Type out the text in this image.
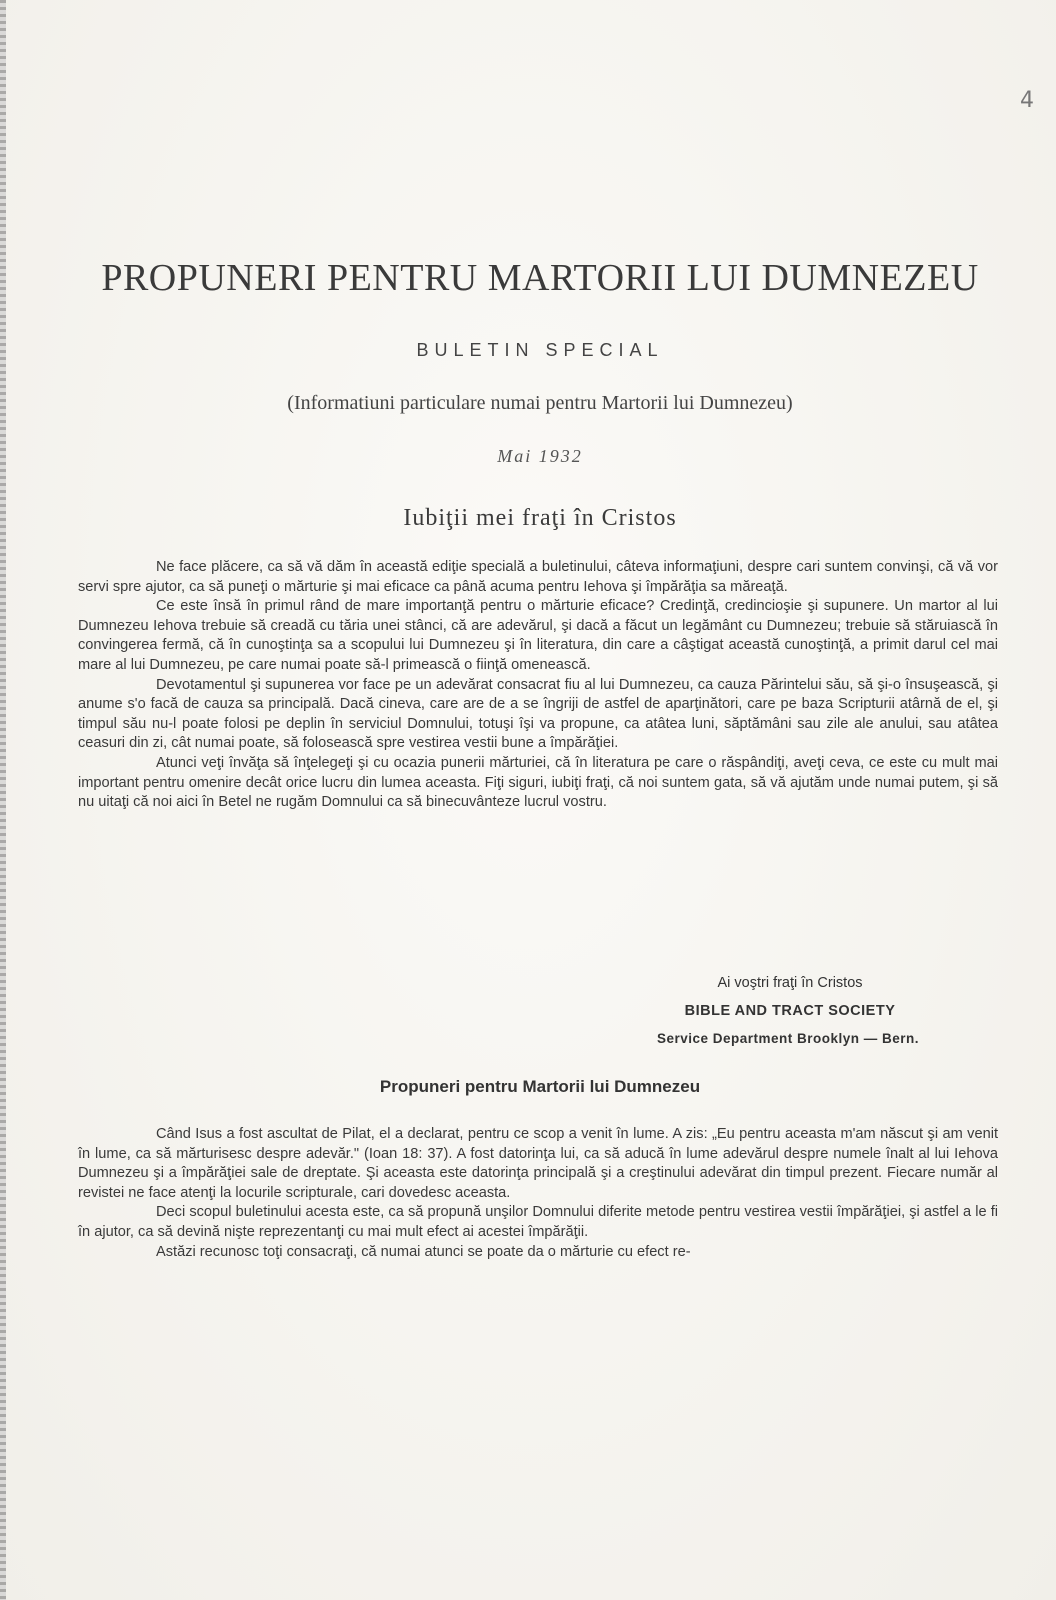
4
PROPUNERI PENTRU MARTORII LUI DUMNEZEU
BULETIN SPECIAL
(Informatiuni particulare numai pentru Martorii lui Dumnezeu)
Mai 1932
Iubiţii mei fraţi în Cristos

Ne face plăcere, ca să vă dăm în această ediţie specială a buletinului, câteva informaţiuni, despre cari suntem convinşi, că vă vor servi spre ajutor, ca să puneţi o mărturie şi mai eficace ca până acuma pentru Iehova şi împărăţia sa măreaţă.

Ce este însă în primul rând de mare importanţă pentru o mărturie eficace? Credinţă, credincioşie şi supunere. Un martor al lui Dumnezeu Iehova trebuie să creadă cu tăria unei stânci, că are adevărul, şi dacă a făcut un legământ cu Dumnezeu; trebuie să stăruiască în convingerea fermă, că în cunoştinţa sa a scopului lui Dumnezeu şi în literatura, din care a câştigat această cunoştinţă, a primit darul cel mai mare al lui Dumnezeu, pe care numai poate să-l primească o fiinţă omenească.

Devotamentul şi supunerea vor face pe un adevărat consacrat fiu al lui Dumnezeu, ca cauza Părintelui său, să şi-o însuşească, şi anume s'o facă de cauza sa principală. Dacă cineva, care are de a se îngriji de astfel de aparţinători, care pe baza Scripturii atârnă de el, şi timpul său nu-l poate folosi pe deplin în serviciul Domnului, totuşi îşi va propune, ca atâtea luni, săptămâni sau zile ale anului, sau atâtea ceasuri din zi, cât numai poate, să folosească spre vestirea vestii bune a împărăţiei.

Atunci veţi învăţa să înţelegeţi şi cu ocazia punerii mărturiei, că în literatura pe care o răspândiţi, aveţi ceva, ce este cu mult mai important pentru omenire decât orice lucru din lumea aceasta. Fiţi siguri, iubiţi fraţi, că noi suntem gata, să vă ajutăm unde numai putem, şi să nu uitaţi că noi aici în Betel ne rugăm Domnului ca să binecuvânteze lucrul vostru.

Ai voştri fraţi în Cristos
BIBLE AND TRACT SOCIETY
Service Department Brooklyn — Bern.
Propuneri pentru Martorii lui Dumnezeu

Când Isus a fost ascultat de Pilat, el a declarat, pentru ce scop a venit în lume. A zis: „Eu pentru aceasta m'am născut şi am venit în lume, ca să mărturisesc despre adevăr." (Ioan 18: 37). A fost datorinţa lui, ca să aducă în lume adevărul despre numele înalt al lui Iehova Dumnezeu şi a împărăţiei sale de dreptate. Şi aceasta este datorinţa principală şi a creştinului adevărat din timpul prezent. Fiecare număr al revistei ne face atenţi la locurile scripturale, cari dovedesc aceasta.

Deci scopul buletinului acesta este, ca să propună unşilor Domnului diferite metode pentru vestirea vestii împărăţiei, şi astfel a le fi în ajutor, ca să devină nişte reprezentanţi cu mai mult efect ai acestei împărăţii.

Astăzi recunosc toţi consacraţi, că numai atunci se poate da o mărturie cu efect re-
